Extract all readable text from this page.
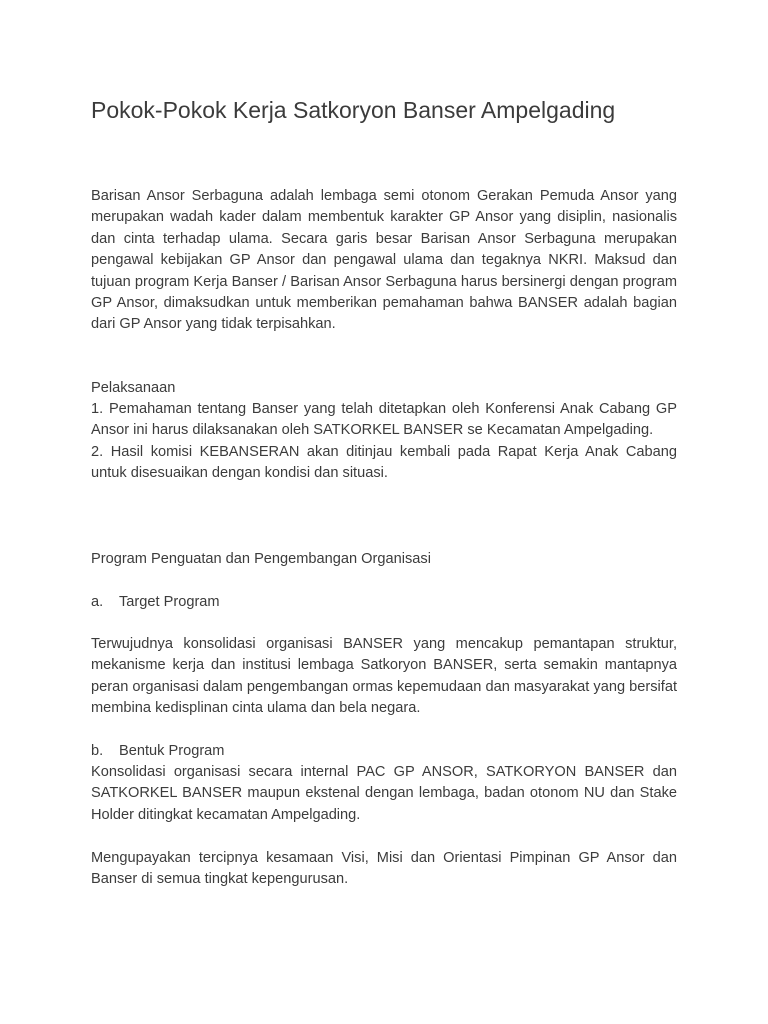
Pokok-Pokok Kerja Satkoryon Banser Ampelgading

Barisan Ansor Serbaguna adalah lembaga semi otonom Gerakan Pemuda Ansor yang merupakan wadah kader dalam membentuk karakter GP Ansor yang disiplin, nasionalis dan cinta terhadap ulama. Secara garis besar Barisan Ansor Serbaguna merupakan pengawal kebijakan GP Ansor dan pengawal ulama dan tegaknya NKRI. Maksud dan tujuan program Kerja Banser / Barisan Ansor Serbaguna harus bersinergi dengan program GP Ansor, dimaksudkan untuk memberikan pemahaman bahwa BANSER adalah bagian dari GP Ansor yang tidak terpisahkan.

Pelaksanaan
1. Pemahaman tentang Banser yang telah ditetapkan oleh Konferensi Anak Cabang GP Ansor ini harus dilaksanakan oleh SATKORKEL BANSER se Kecamatan Ampelgading.
2. Hasil komisi KEBANSERAN akan ditinjau kembali pada Rapat Kerja Anak Cabang untuk disesuaikan dengan kondisi dan situasi.
Program Penguatan dan Pengembangan Organisasi
a. Target Program

Terwujudnya konsolidasi organisasi BANSER yang mencakup pemantapan struktur, mekanisme kerja dan institusi lembaga Satkoryon BANSER, serta semakin mantapnya peran organisasi dalam pengembangan ormas kepemudaan dan masyarakat yang bersifat membina kedisplinan cinta ulama dan bela negara.

b. Bentuk Program

Konsolidasi organisasi secara internal PAC GP ANSOR, SATKORYON BANSER dan SATKORKEL BANSER maupun ekstenal dengan lembaga, badan otonom NU dan Stake Holder ditingkat kecamatan Ampelgading.

Mengupayakan tercipnya kesamaan Visi, Misi dan Orientasi Pimpinan GP Ansor dan Banser di semua tingkat kepengurusan.
